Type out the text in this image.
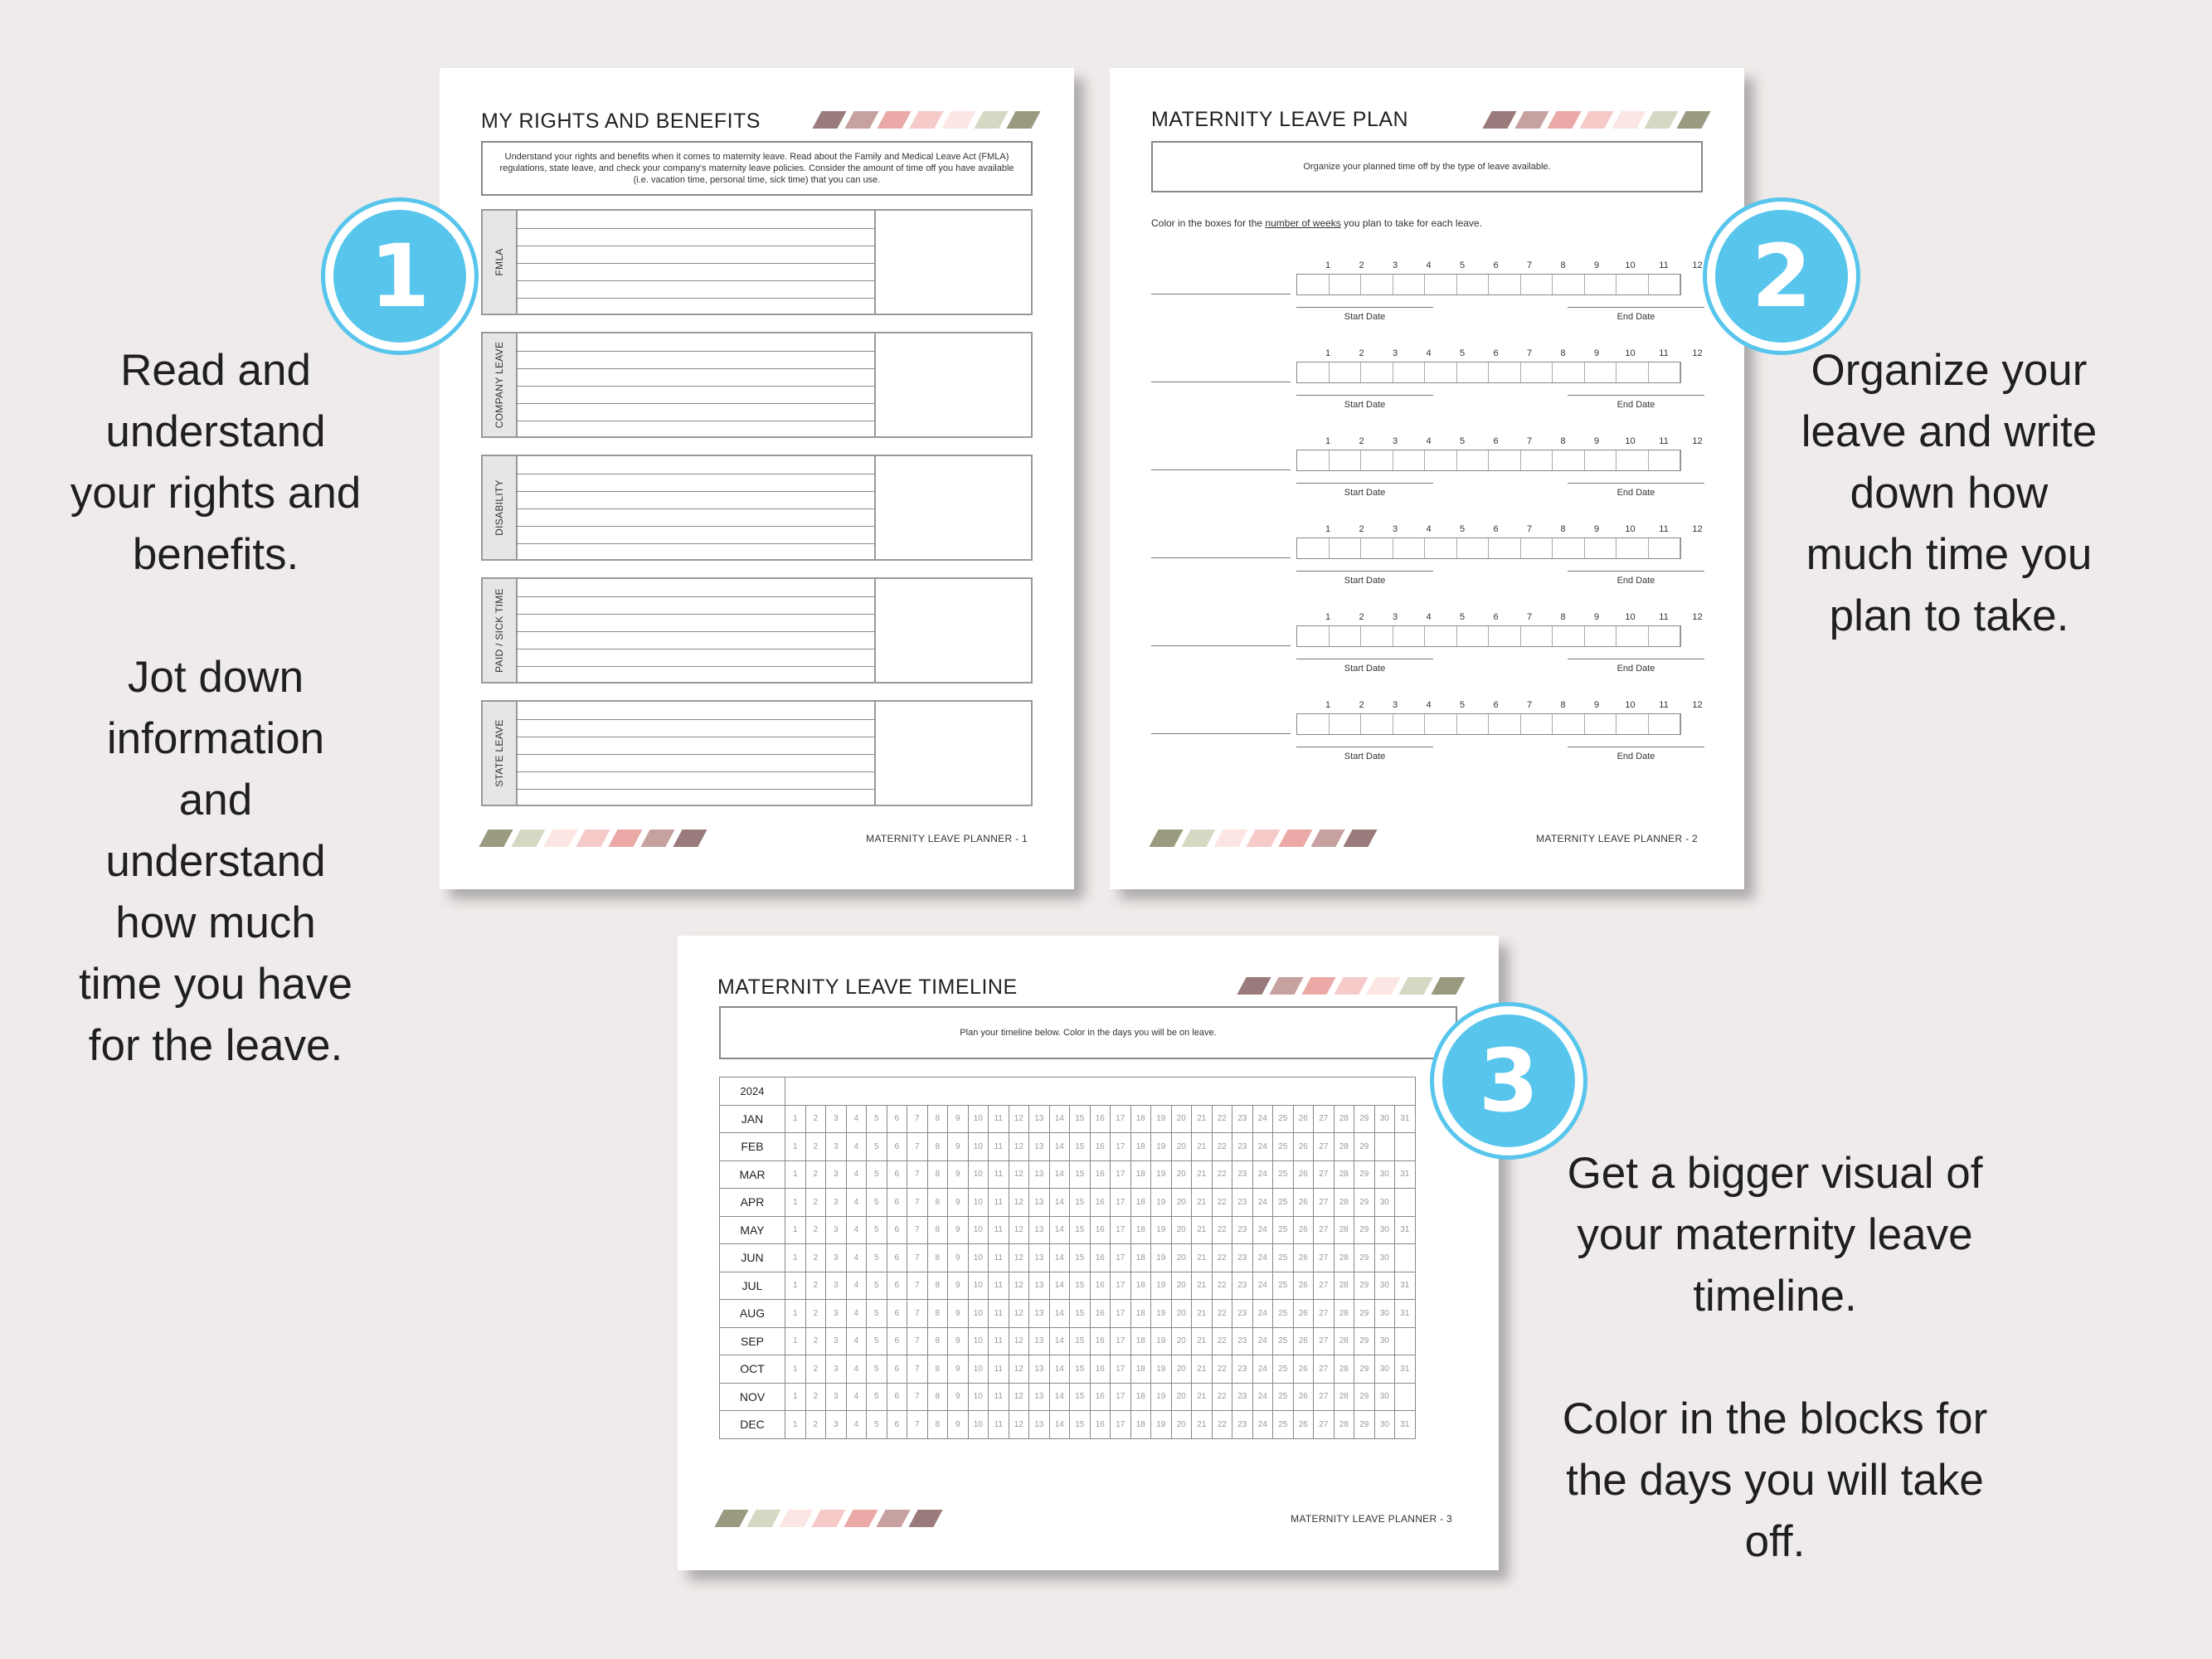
Read and

understand

your rights and

benefits.

Jot down

information

and

understand

how much

time you have

for the leave.

Organize your

leave and write

down how

much time you

plan to take.

Get a bigger visual of

your maternity leave

timeline.

Color in the blocks for

the days you will take

off.

MY RIGHTS AND BENEFITS
Understand your rights and benefits when it comes to maternity leave. Read about the Family and Medical Leave Act (FMLA) regulations, state leave, and check your company's maternity leave policies. Consider the amount of time off you have available (i.e. vacation time, personal time, sick time) that you can use.
FMLA
COMPANY LEAVE
DISABILITY
PAID / SICK TIME
STATE LEAVE
MATERNITY LEAVE PLANNER - 1
MATERNITY LEAVE PLAN
Organize your planned time off by the type of leave available.
Color in the boxes for the number of weeks you plan to take for each leave.
1	2	3	4	5	6	7	8	9	10	11	12
Start Date	End Date
1	2	3	4	5	6	7	8	9	10	11	12
Start Date	End Date
1	2	3	4	5	6	7	8	9	10	11	12
Start Date	End Date
1	2	3	4	5	6	7	8	9	10	11	12
Start Date	End Date
1	2	3	4	5	6	7	8	9	10	11	12
Start Date	End Date
1	2	3	4	5	6	7	8	9	10	11	12
Start Date	End Date
MATERNITY LEAVE PLANNER - 2
MATERNITY LEAVE TIMELINE
Plan your timeline below. Color in the days you will be on leave.
2024																															
JAN	1	2	3	4	5	6	7	8	9	10	11	12	13	14	15	16	17	18	19	20	21	22	23	24	25	26	27	28	29	30	31
FEB	1	2	3	4	5	6	7	8	9	10	11	12	13	14	15	16	17	18	19	20	21	22	23	24	25	26	27	28	29		
MAR	1	2	3	4	5	6	7	8	9	10	11	12	13	14	15	16	17	18	19	20	21	22	23	24	25	26	27	28	29	30	31
APR	1	2	3	4	5	6	7	8	9	10	11	12	13	14	15	16	17	18	19	20	21	22	23	24	25	26	27	28	29	30	
MAY	1	2	3	4	5	6	7	8	9	10	11	12	13	14	15	16	17	18	19	20	21	22	23	24	25	26	27	28	29	30	31
JUN	1	2	3	4	5	6	7	8	9	10	11	12	13	14	15	16	17	18	19	20	21	22	23	24	25	26	27	28	29	30	
JUL	1	2	3	4	5	6	7	8	9	10	11	12	13	14	15	16	17	18	19	20	21	22	23	24	25	26	27	28	29	30	31
AUG	1	2	3	4	5	6	7	8	9	10	11	12	13	14	15	16	17	18	19	20	21	22	23	24	25	26	27	28	29	30	31
SEP	1	2	3	4	5	6	7	8	9	10	11	12	13	14	15	16	17	18	19	20	21	22	23	24	25	26	27	28	29	30	
OCT	1	2	3	4	5	6	7	8	9	10	11	12	13	14	15	16	17	18	19	20	21	22	23	24	25	26	27	28	29	30	31
NOV	1	2	3	4	5	6	7	8	9	10	11	12	13	14	15	16	17	18	19	20	21	22	23	24	25	26	27	28	29	30	
DEC	1	2	3	4	5	6	7	8	9	10	11	12	13	14	15	16	17	18	19	20	21	22	23	24	25	26	27	28	29	30	31
MATERNITY LEAVE PLANNER - 3
1	2
3
